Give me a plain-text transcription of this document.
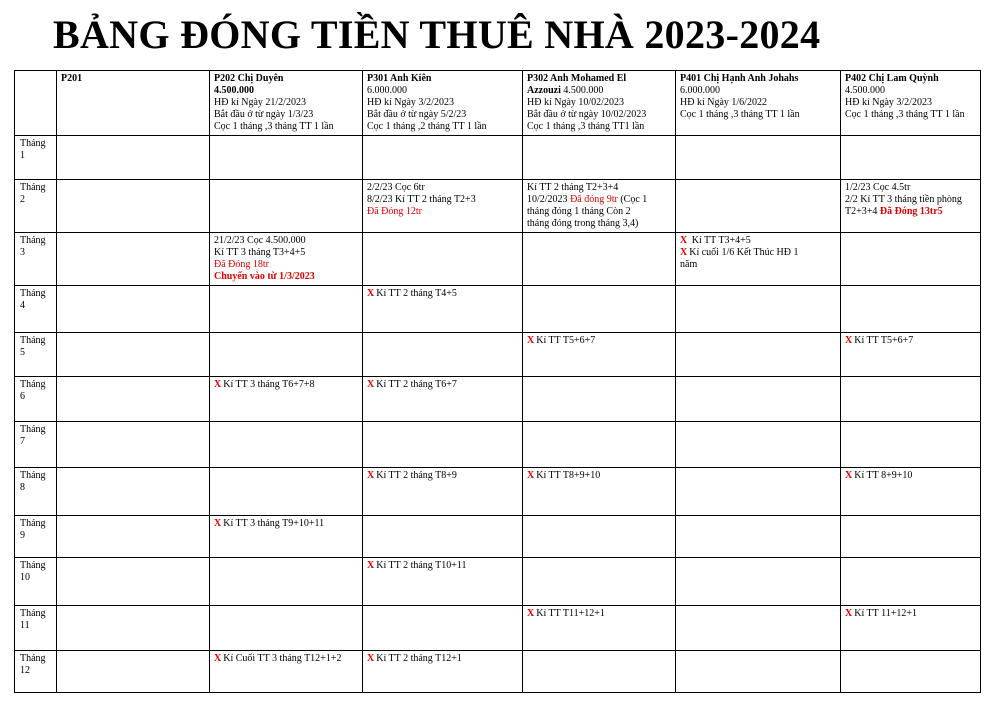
BẢNG ĐÓNG TIỀN THUÊ NHÀ 2023-2024

	P201	P202 Chị Duyên
4.500.000
HĐ kí Ngày 21/2/2023
Bắt đầu ở từ ngày 1/3/23
Cọc 1 tháng ,3 tháng TT 1 lần	P301 Anh Kiên
6.000.000
HĐ kí Ngày 3/2/2023
Bắt đầu ở từ ngày 5/2/23
Cọc 1 tháng ,2 tháng TT 1 lần	P302 Anh Mohamed El
Azzouzi 4.500.000
HĐ kí Ngày 10/02/2023
Bắt đầu ở từ ngày 10/02/2023
Cọc 1 tháng ,3 tháng TT1 lần	P401 Chị Hạnh Anh Johahs
6.000.000
HĐ kí Ngày 1/6/2022
Cọc 1 tháng ,3 tháng TT 1 lần	P402 Chị Lam Quỳnh
4.500.000
HĐ kí Ngày 3/2/2023
Cọc 1 tháng ,3 tháng TT 1 lần

Tháng
1						

Tháng
2			2/2/23 Cọc 6tr
8/2/23 Kí TT 2 tháng T2+3
Đã Đóng 12tr	Kí TT 2 tháng T2+3+4
10/2/2023 Đã đóng 9tr (Cọc 1
tháng đóng 1 tháng Còn 2
tháng đóng trong tháng 3,4)		1/2/23 Cọc 4.5tr
2/2 Kí TT 3 tháng tiền phòng
T2+3+4 Đã Đóng 13tr5

Tháng
3		21/2/23 Cọc 4.500.000
Kí TT 3 tháng T3+4+5
Đã Đóng 18tr
Chuyển vào từ 1/3/2023			X Kí TT T3+4+5
X Kí cuối 1/6 Kết Thúc HĐ 1
năm	

Tháng
4			X Kí TT 2 tháng T4+5			

Tháng
5				X Kí TT T5+6+7		X Kí TT T5+6+7

Tháng
6		X Kí TT 3 tháng T6+7+8	X Kí TT 2 tháng T6+7			

Tháng
7						

Tháng
8			X Kí TT 2 tháng T8+9	X Kí TT T8+9+10		X Kí TT 8+9+10

Tháng
9		X Kí TT 3 tháng T9+10+11				

Tháng
10			X Kí TT 2 tháng T10+11			

Tháng
11				X Kí TT T11+12+1		X Kí TT 11+12+1

Tháng
12		X Kí Cuối TT 3 tháng T12+1+2	X Kí TT 2 tháng T12+1			
